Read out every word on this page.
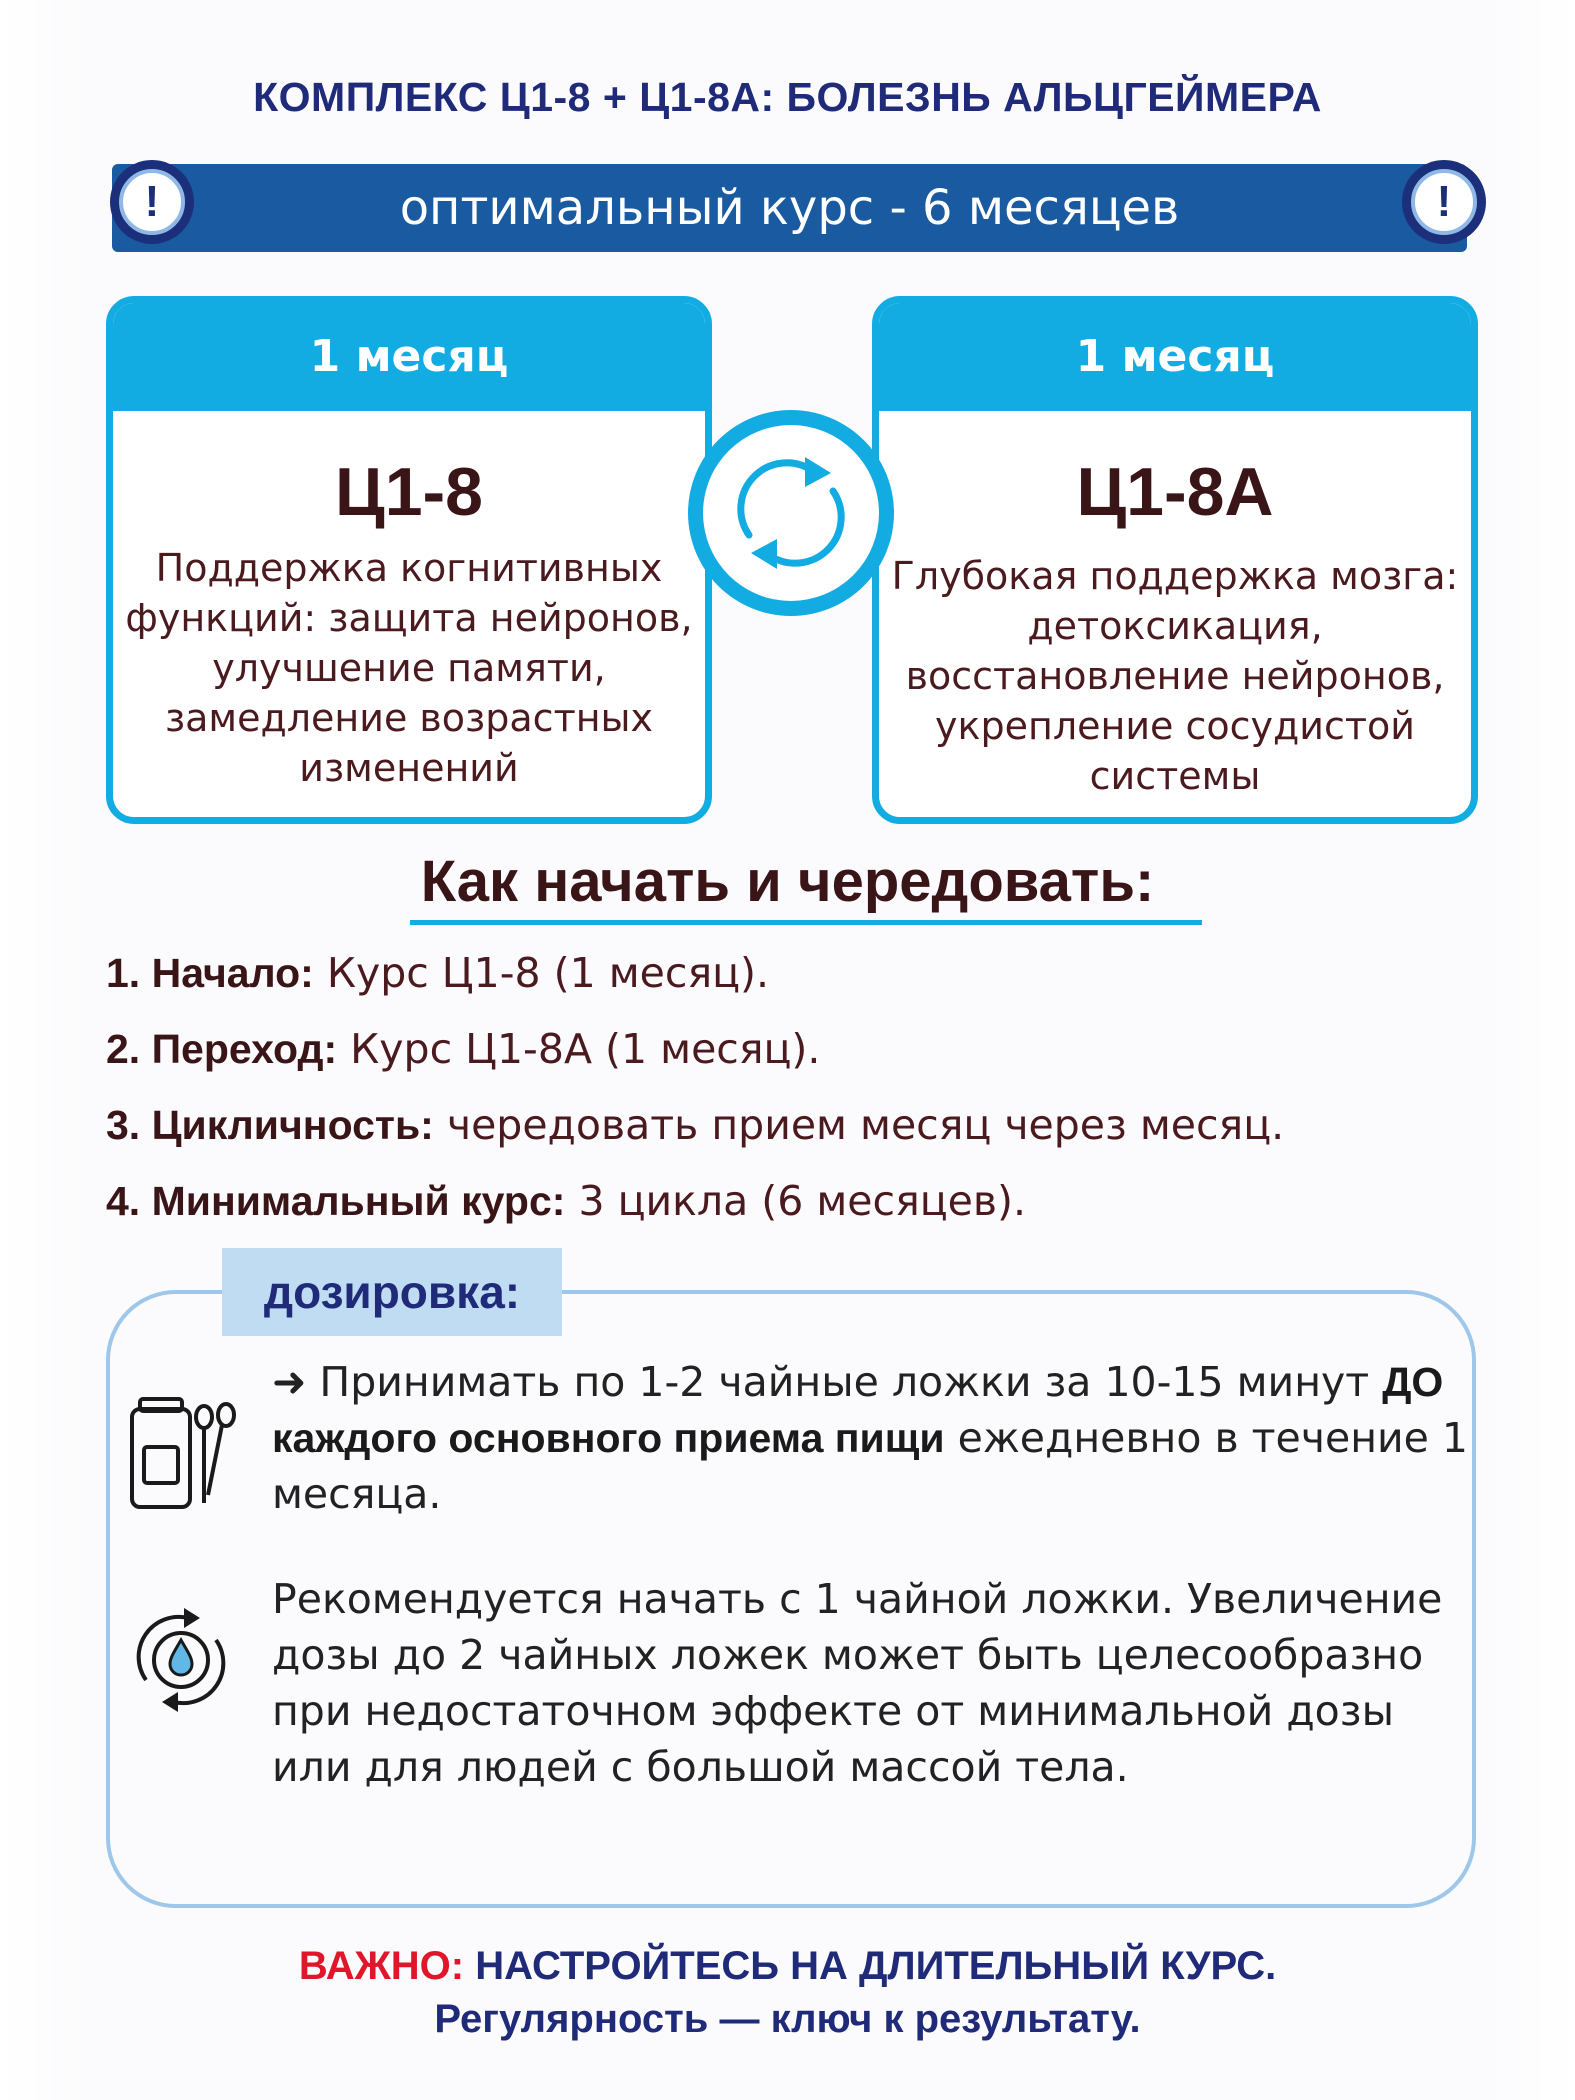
КОМПЛЕКС Ц1-8 + Ц1-8А: БОЛЕЗНЬ АЛЬЦГЕЙМЕРА
оптимальный курс - 6 месяцев
!	!
1 месяц
Ц1-8
Поддержка когнитивных функций: защита нейронов, улучшение памяти, замедление возрастных изменений
1 месяц
Ц1-8А
Глубокая поддержка мозга: детоксикация, восстановление нейронов, укрепление сосудистой системы
Как начать и чередовать:
1. Начало: Курс Ц1-8 (1 месяц).
2. Переход: Курс Ц1-8А (1 месяц).
3. Цикличность: чередовать прием месяц через месяц.
4. Минимальный курс: 3 цикла (6 месяцев).
дозировка:
➜ Принимать по 1-2 чайные ложки за 10-15 минут ДО каждого основного приема пищи ежедневно в течение 1 месяца.
Рекомендуется начать с 1 чайной ложки. Увеличение дозы до 2 чайных ложек может быть целесообразно при недостаточном эффекте от минимальной дозы или для людей с большой массой тела.
ВАЖНО: НАСТРОЙТЕСЬ НА ДЛИТЕЛЬНЫЙ КУРС.
Регулярность — ключ к результату.
